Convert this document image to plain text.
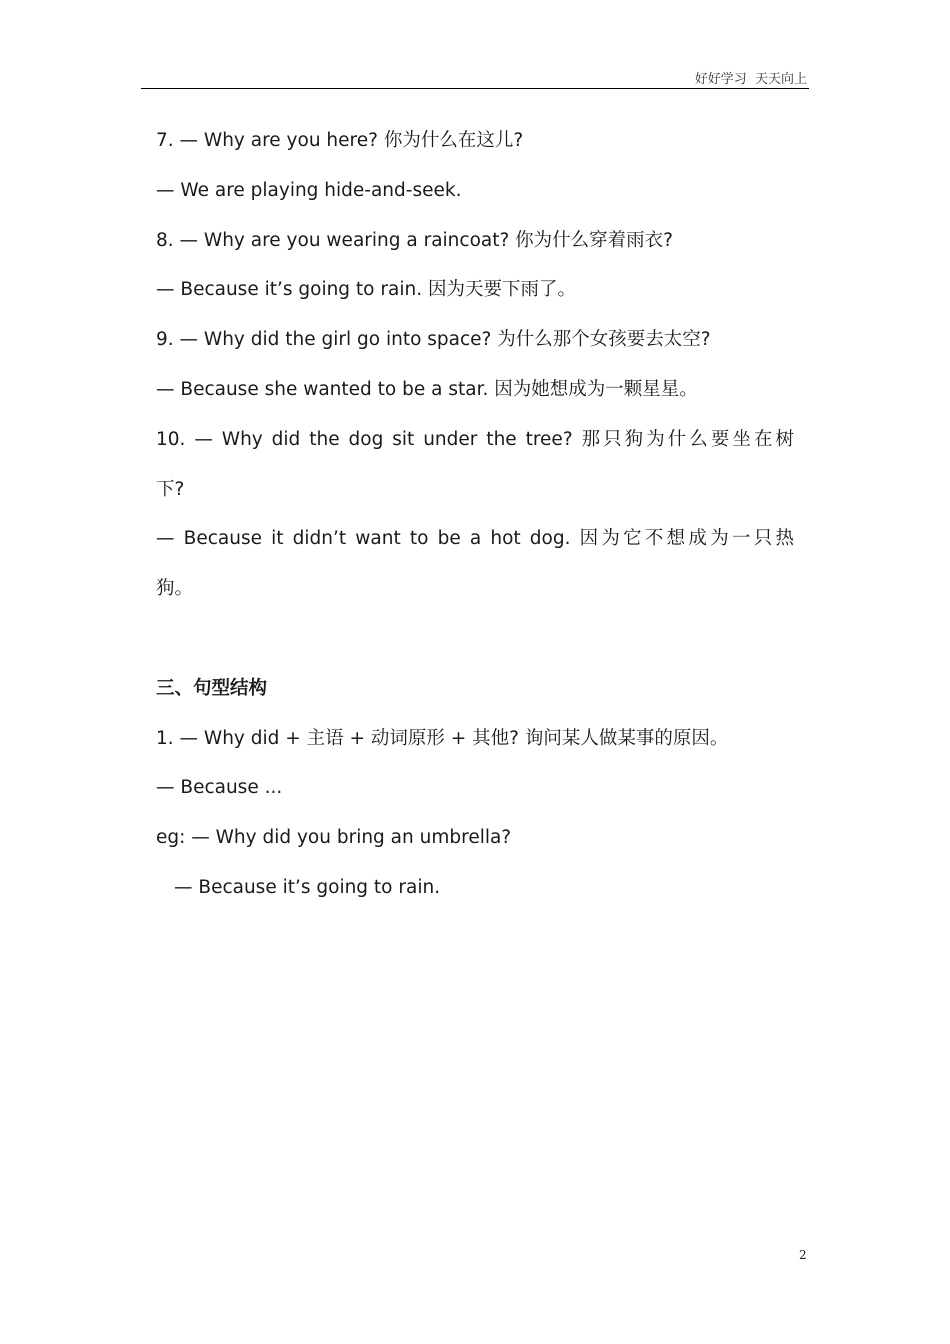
好好学习  天天向上
7. — Why are you here? 你为什么在这儿?
— We are playing hide-and-seek.
8. — Why are you wearing a raincoat? 你为什么穿着雨衣?
— Because it’s going to rain. 因为天要下雨了。
9. — Why did the girl go into space? 为什么那个女孩要去太空?
— Because she wanted to be a star. 因为她想成为一颗星星。
10. — Why did the dog sit under the tree? 那只狗为什么要坐在树
下?
— Because it didn’t want to be a hot dog. 因为它不想成为一只热
狗。
三、句型结构
1. — Why did + 主语 + 动词原形 + 其他? 询问某人做某事的原因。
— Because ...
eg: — Why did you bring an umbrella?
— Because it’s going to rain.
2
